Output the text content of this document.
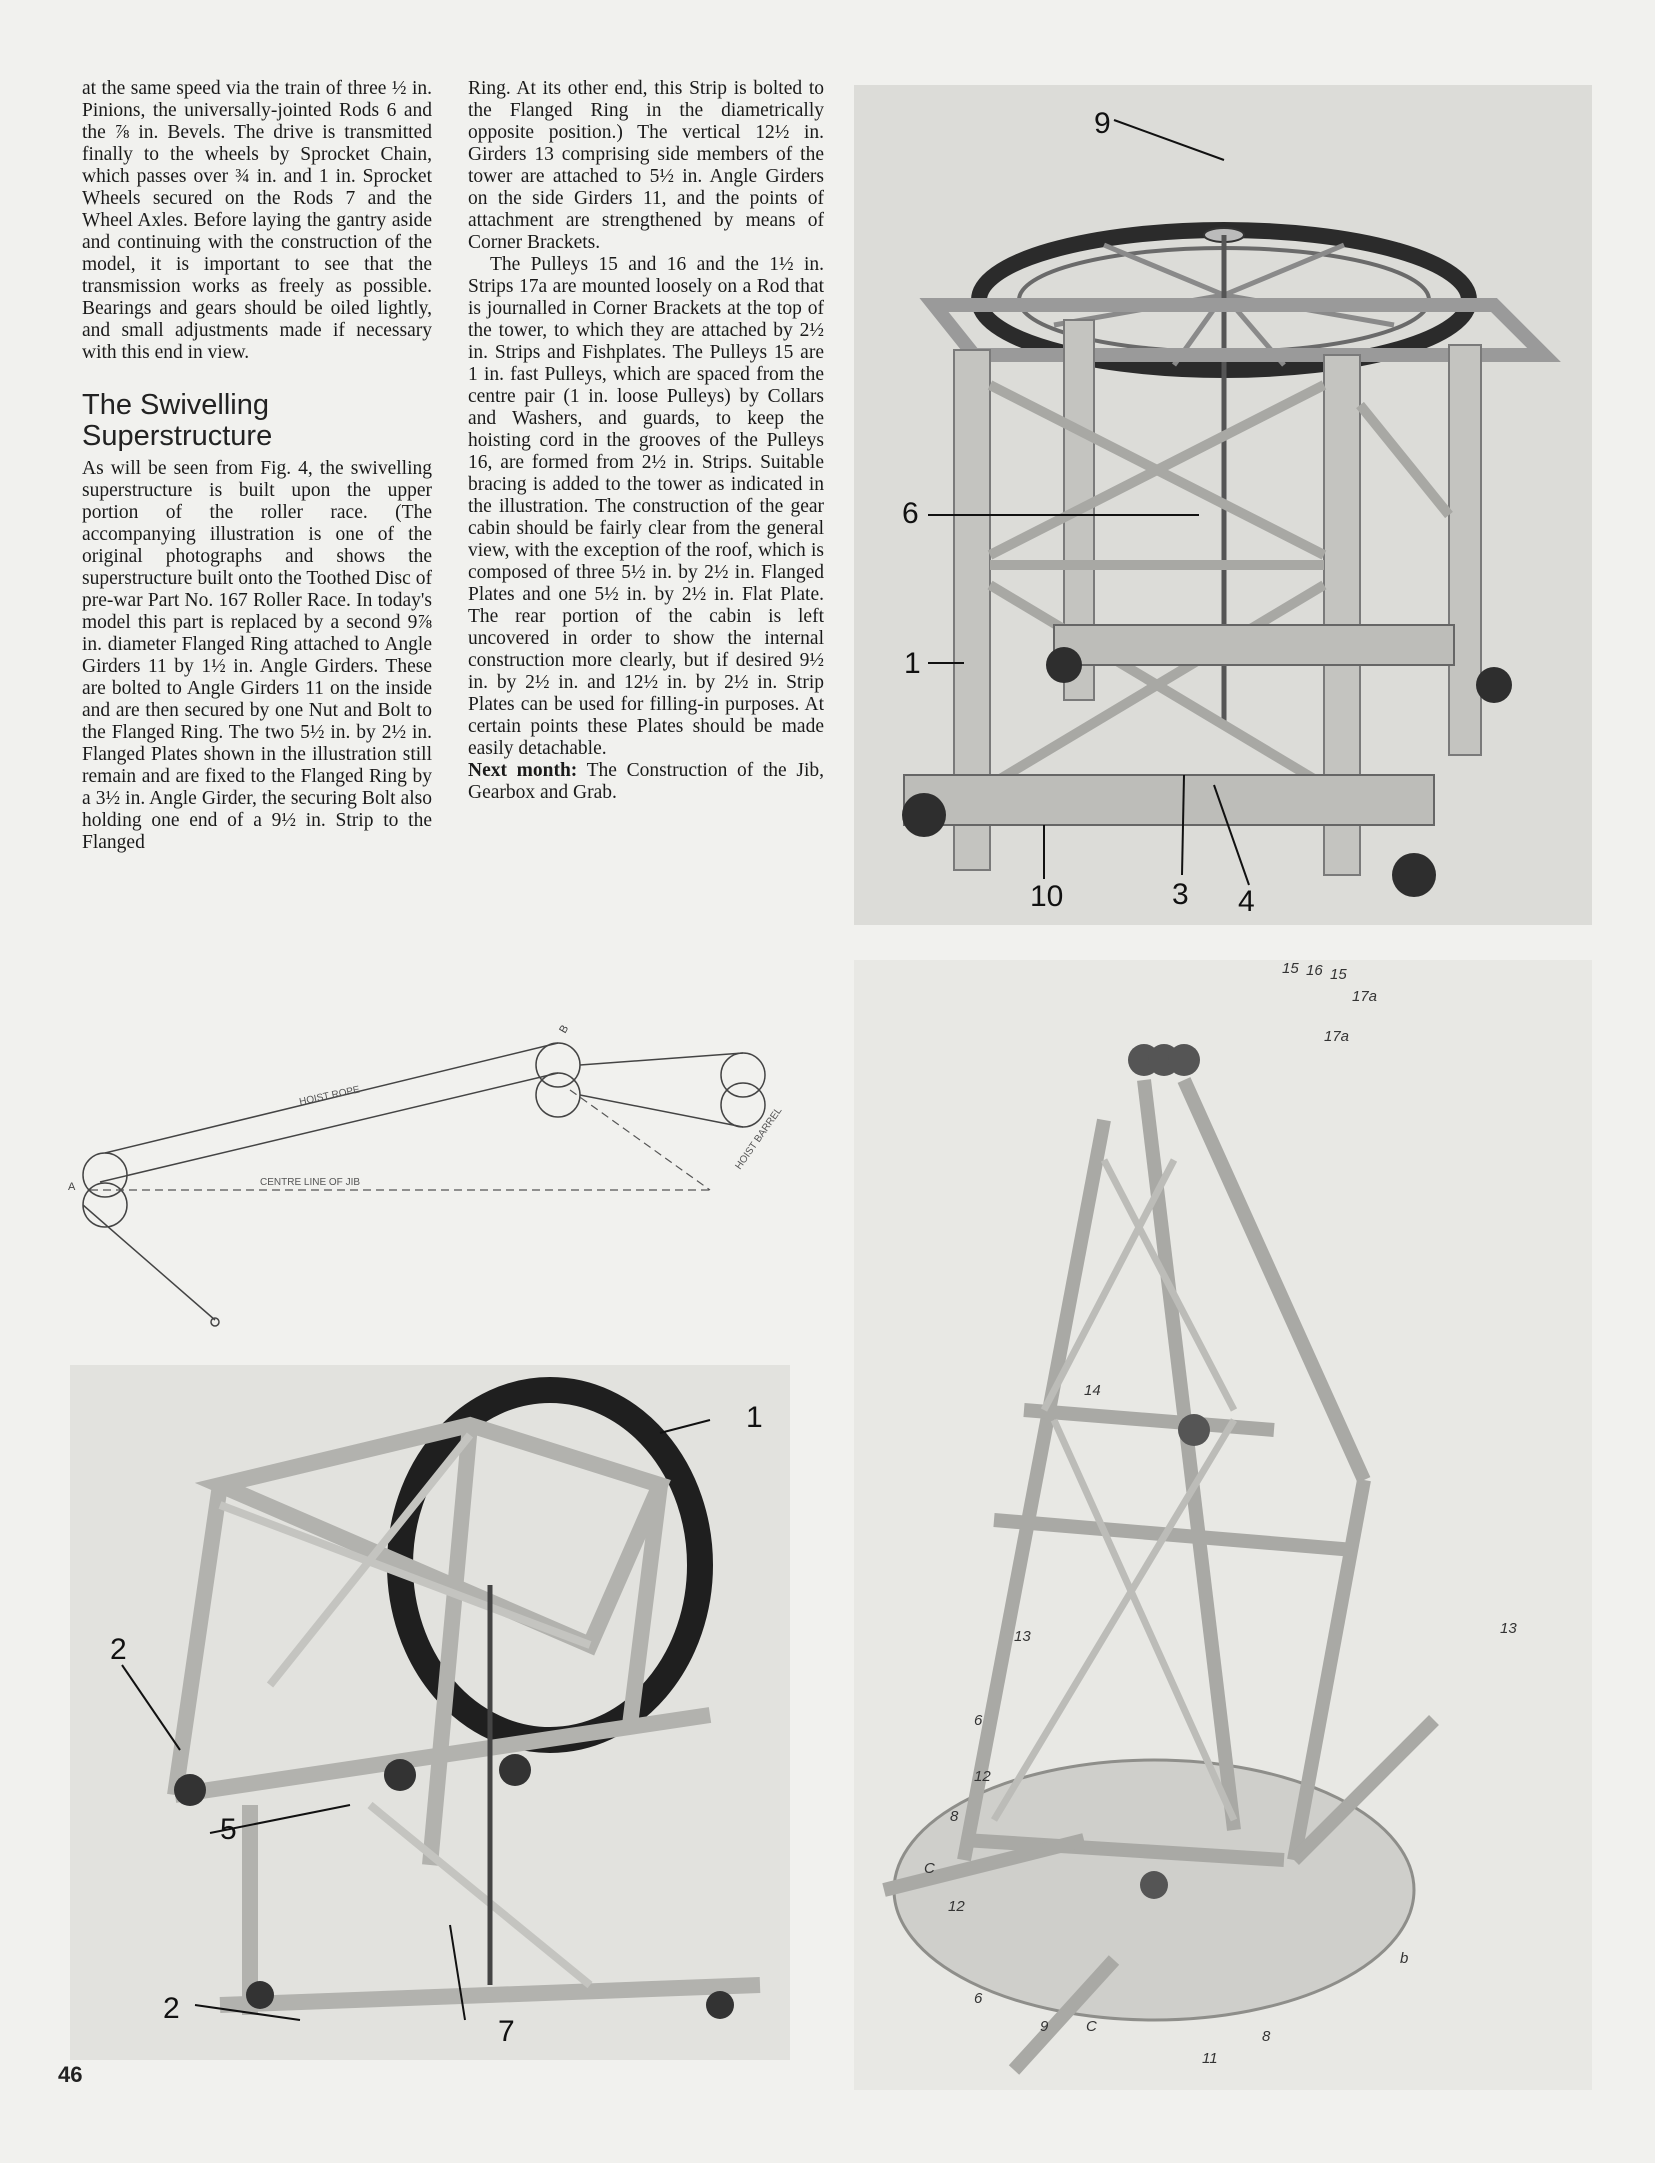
at the same speed via the train of three ½ in. Pinions, the universally-jointed Rods 6 and the ⅞ in. Bevels. The drive is transmitted finally to the wheels by Sprocket Chain, which passes over ¾ in. and 1 in. Sprocket Wheels secured on the Rods 7 and the Wheel Axles. Before laying the gantry aside and continuing with the construction of the model, it is important to see that the transmission works as freely as possible. Bearings and gears should be oiled lightly, and small adjustments made if necessary with this end in view.

The Swivelling Superstructure

As will be seen from Fig. 4, the swivelling superstructure is built upon the upper portion of the roller race. (The accompanying illustration is one of the original photographs and shows the superstructure built onto the Toothed Disc of pre-war Part No. 167 Roller Race. In today's model this part is replaced by a second 9⅞ in. diameter Flanged Ring attached to Angle Girders 11 by 1½ in. Angle Girders. These are bolted to Angle Girders 11 on the inside and are then secured by one Nut and Bolt to the Flanged Ring. The two 5½ in. by 2½ in. Flanged Plates shown in the illustration still remain and are fixed to the Flanged Ring by a 3½ in. Angle Girder, the securing Bolt also holding one end of a 9½ in. Strip to the Flanged

Ring. At its other end, this Strip is bolted to the Flanged Ring in the diametrically opposite position.) The vertical 12½ in. Girders 13 comprising side members of the tower are attached to 5½ in. Angle Girders on the side Girders 11, and the points of attachment are strengthened by means of Corner Brackets.

The Pulleys 15 and 16 and the 1½ in. Strips 17a are mounted loosely on a Rod that is journalled in Corner Brackets at the top of the tower, to which they are attached by 2½ in. Strips and Fishplates. The Pulleys 15 are 1 in. fast Pulleys, which are spaced from the centre pair (1 in. loose Pulleys) by Collars and Washers, and guards, to keep the hoisting cord in the grooves of the Pulleys 16, are formed from 2½ in. Strips. Suitable bracing is added to the tower as indicated in the illustration. The construction of the gear cabin should be fairly clear from the general view, with the exception of the roof, which is composed of three 5½ in. by 2½ in. Flanged Plates and one 5½ in. by 2½ in. Flat Plate. The rear portion of the cabin is left uncovered in order to show the internal construction more clearly, but if desired 9½ in. by 2½ in. and 12½ in. by 2½ in. Strip Plates can be used for filling-in purposes. At certain points these Plates should be made easily detachable.

Next month: The Construction of the Jib, Gearbox and Grab.

9
6
1
10	3 4
HOIST ROPE
CENTRE LINE OF JIB
HOIST BARREL
A
B
1
2
5
2
7
15 16 15
17a
17a
14
13	13
6
12
8
C
12
6
9	C
11
8
b
46
